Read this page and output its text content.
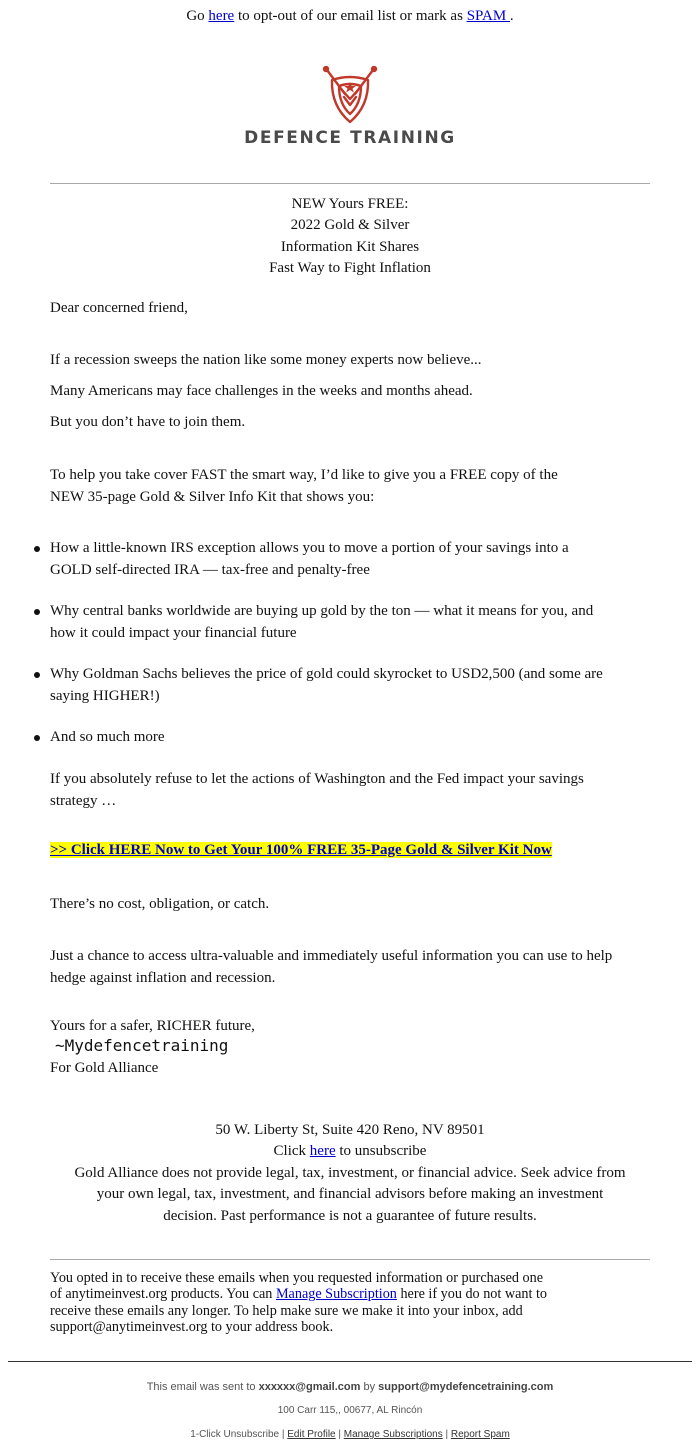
Go here to opt-out of our email list or mark as SPAM .
DEFENCE TRAINING
NEW Yours FREE:
2022 Gold & Silver
Information Kit Shares
Fast Way to Fight Inflation
Dear concerned friend,
If a recession sweeps the nation like some money experts now believe...
Many Americans may face challenges in the weeks and months ahead.
But you don’t have to join them.
To help you take cover FAST the smart way, I’d like to give you a FREE copy of the
NEW 35-page Gold & Silver Info Kit that shows you:
How a little-known IRS exception allows you to move a portion of your savings into a
GOLD self-directed IRA — tax-free and penalty-free
Why central banks worldwide are buying up gold by the ton — what it means for you, and
how it could impact your financial future
Why Goldman Sachs believes the price of gold could skyrocket to USD2,500 (and some are
saying HIGHER!)
And so much more
If you absolutely refuse to let the actions of Washington and the Fed impact your savings
strategy …
>> Click HERE Now to Get Your 100% FREE 35-Page Gold & Silver Kit Now
There’s no cost, obligation, or catch.
Just a chance to access ultra-valuable and immediately useful information you can use to help
hedge against inflation and recession.
Yours for a safer, RICHER future,
~Mydefencetraining
For Gold Alliance
50 W. Liberty St, Suite 420 Reno, NV 89501
Click here to unsubscribe
Gold Alliance does not provide legal, tax, investment, or financial advice. Seek advice from
your own legal, tax, investment, and financial advisors before making an investment
decision. Past performance is not a guarantee of future results.
You opted in to receive these emails when you requested information or purchased one
of anytimeinvest.org products. You can Manage Subscription here if you do not want to
receive these emails any longer. To help make sure we make it into your inbox, add
support@anytimeinvest.org to your address book.
This email was sent to xxxxxx@gmail.com by support@mydefencetraining.com
100 Carr 115,, 00677, AL Rincón
1-Click Unsubscribe | Edit Profile | Manage Subscriptions | Report Spam
